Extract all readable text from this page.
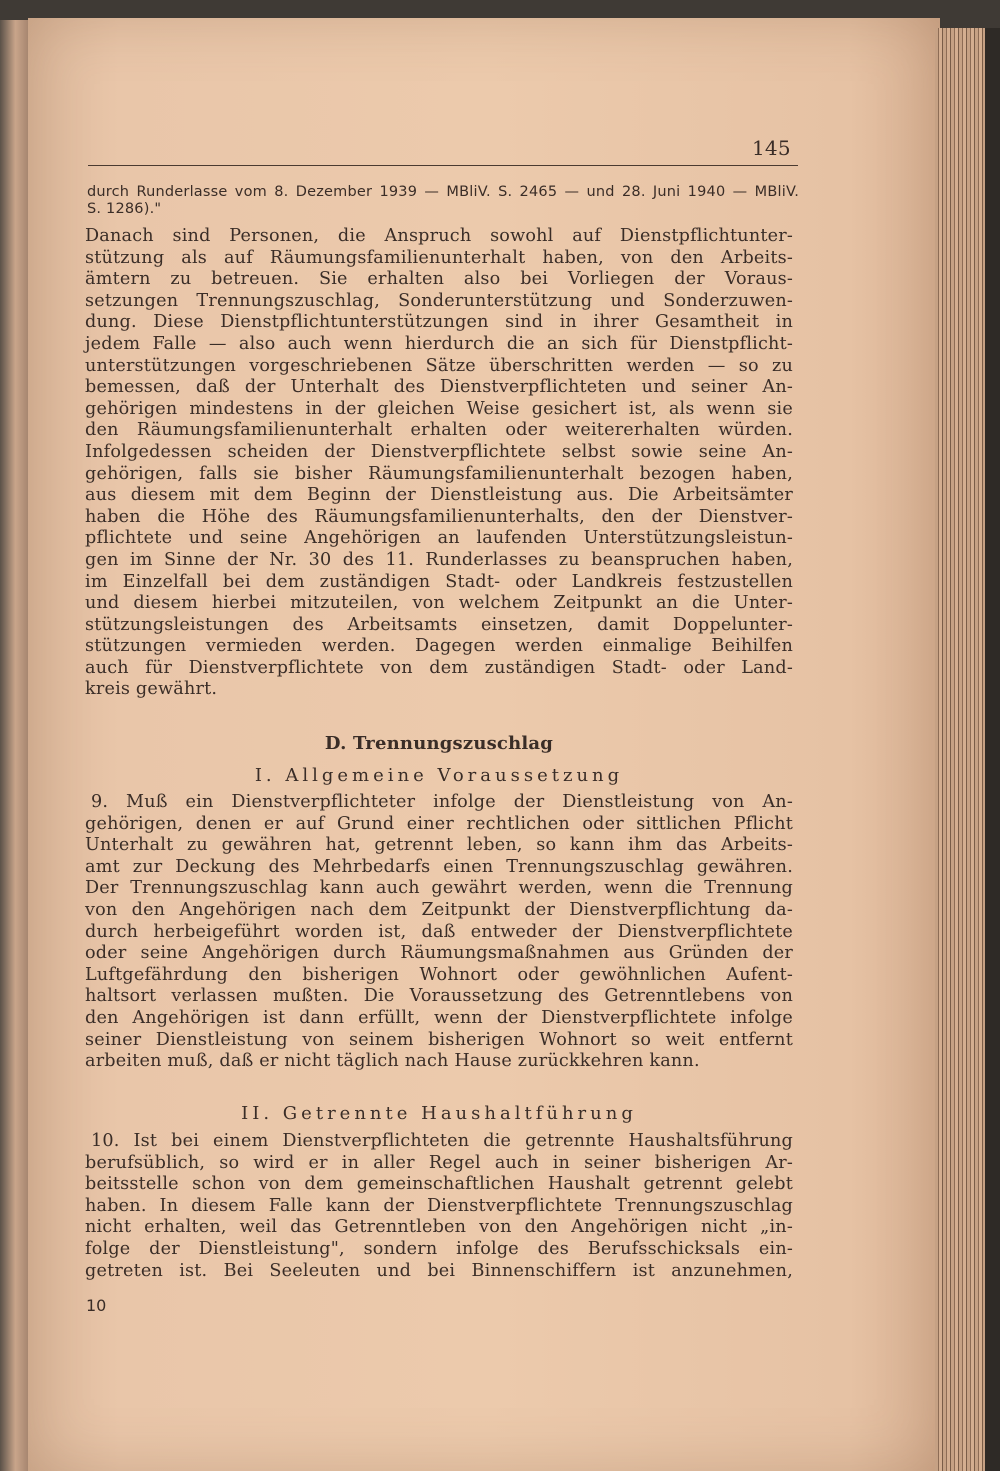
145
durch Runderlasse vom 8. Dezember 1939 — MBliV. S. 2465 — und 28. Juni 1940 — MBliV.
S. 1286)."
Danach sind Personen, die Anspruch sowohl auf Dienstpflichtunter-
stützung als auf Räumungsfamilienunterhalt haben, von den Arbeits-
ämtern zu betreuen. Sie erhalten also bei Vorliegen der Voraus-
setzungen Trennungszuschlag, Sonderunterstützung und Sonderzuwen-
dung. Diese Dienstpflichtunterstützungen sind in ihrer Gesamtheit in
jedem Falle — also auch wenn hierdurch die an sich für Dienstpflicht-
unterstützungen vorgeschriebenen Sätze überschritten werden — so zu
bemessen, daß der Unterhalt des Dienstverpflichteten und seiner An-
gehörigen mindestens in der gleichen Weise gesichert ist, als wenn sie
den Räumungsfamilienunterhalt erhalten oder weitererhalten würden.
Infolgedessen scheiden der Dienstverpflichtete selbst sowie seine An-
gehörigen, falls sie bisher Räumungsfamilienunterhalt bezogen haben,
aus diesem mit dem Beginn der Dienstleistung aus. Die Arbeitsämter
haben die Höhe des Räumungsfamilienunterhalts, den der Dienstver-
pflichtete und seine Angehörigen an laufenden Unterstützungsleistun-
gen im Sinne der Nr. 30 des 11. Runderlasses zu beanspruchen haben,
im Einzelfall bei dem zuständigen Stadt- oder Landkreis festzustellen
und diesem hierbei mitzuteilen, von welchem Zeitpunkt an die Unter-
stützungsleistungen des Arbeitsamts einsetzen, damit Doppelunter-
stützungen vermieden werden. Dagegen werden einmalige Beihilfen
auch für Dienstverpflichtete von dem zuständigen Stadt- oder Land-
kreis gewährt.
D. Trennungszuschlag
I. Allgemeine Voraussetzung
9. Muß ein Dienstverpflichteter infolge der Dienstleistung von An-
gehörigen, denen er auf Grund einer rechtlichen oder sittlichen Pflicht
Unterhalt zu gewähren hat, getrennt leben, so kann ihm das Arbeits-
amt zur Deckung des Mehrbedarfs einen Trennungszuschlag gewähren.
Der Trennungszuschlag kann auch gewährt werden, wenn die Trennung
von den Angehörigen nach dem Zeitpunkt der Dienstverpflichtung da-
durch herbeigeführt worden ist, daß entweder der Dienstverpflichtete
oder seine Angehörigen durch Räumungsmaßnahmen aus Gründen der
Luftgefährdung den bisherigen Wohnort oder gewöhnlichen Aufent-
haltsort verlassen mußten. Die Voraussetzung des Getrenntlebens von
den Angehörigen ist dann erfüllt, wenn der Dienstverpflichtete infolge
seiner Dienstleistung von seinem bisherigen Wohnort so weit entfernt
arbeiten muß, daß er nicht täglich nach Hause zurückkehren kann.
II. Getrennte Haushaltführung
10. Ist bei einem Dienstverpflichteten die getrennte Haushaltsführung
berufsüblich, so wird er in aller Regel auch in seiner bisherigen Ar-
beitsstelle schon von dem gemeinschaftlichen Haushalt getrennt gelebt
haben. In diesem Falle kann der Dienstverpflichtete Trennungszuschlag
nicht erhalten, weil das Getrenntleben von den Angehörigen nicht „in-
folge der Dienstleistung", sondern infolge des Berufsschicksals ein-
getreten ist. Bei Seeleuten und bei Binnenschiffern ist anzunehmen,
10
